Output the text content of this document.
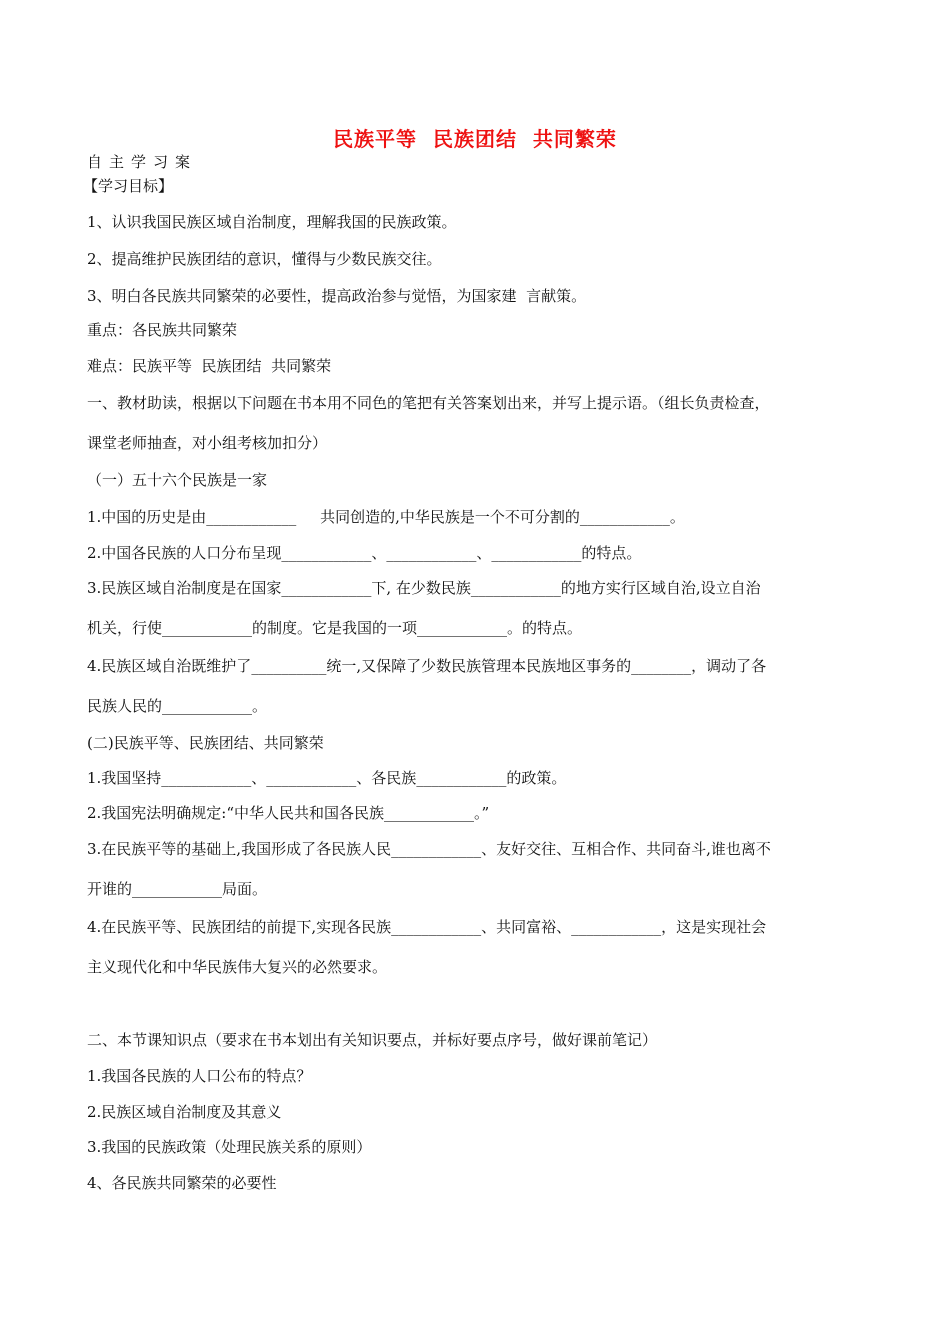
民族平等  民族团结  共同繁荣
自主学习案
【学习目标】
1、认识我国民族区域自治制度，理解我国的民族政策。
2、提高维护民族团结的意识，懂得与少数民族交往。
3、明白各民族共同繁荣的必要性，提高政治参与觉悟，为国家建  言献策。
重点：各民族共同繁荣
难点：民族平等  民族团结  共同繁荣
一、教材助读，根据以下问题在书本用不同色的笔把有关答案划出来，并写上提示语。（组长负责检查，
课堂老师抽查，对小组考核加扣分）
（一）五十六个民族是一家
1.中国的历史是由____________     共同创造的,中华民族是一个不可分割的____________。
2.中国各民族的人口分布呈现____________、____________、____________的特点。
3.民族区域自治制度是在国家____________下, 在少数民族____________的地方实行区域自治,设立自治
机关，行使____________的制度。它是我国的一项____________。的特点。
4.民族区域自治既维护了__________统一,又保障了少数民族管理本民族地区事务的________，调动了各
民族人民的____________。
(二)民族平等、民族团结、共同繁荣
1.我国坚持____________、____________、各民族____________的政策。
2.我国宪法明确规定:“中华人民共和国各民族____________。”
3.在民族平等的基础上,我国形成了各民族人民____________、友好交往、互相合作、共同奋斗,谁也离不
开谁的____________局面。
4.在民族平等、民族团结的前提下,实现各民族____________、共同富裕、____________，这是实现社会
主义现代化和中华民族伟大复兴的必然要求。
二、本节课知识点（要求在书本划出有关知识要点，并标好要点序号，做好课前笔记）
1.我国各民族的人口公布的特点？
2.民族区域自治制度及其意义
3.我国的民族政策（处理民族关系的原则）
4、各民族共同繁荣的必要性
